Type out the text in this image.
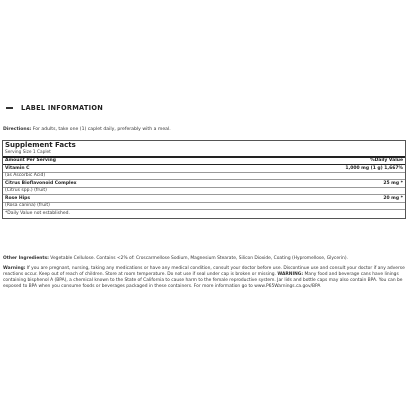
LABEL INFORMATION
Directions: For adults, take one (1) caplet daily, preferably with a meal.
Supplement Facts
Serving Size 1 Caplet
Amount Per Serving	%Daily Value
Vitamin C	1,000 mg (1 g) 1,667%
(as Ascorbic Acid)
Citrus Bioflavonoid Complex	25 mg *
(Citrus spp.) (fruit)
Rose Hips	20 mg *
(Rosa canina) (fruit)
*Daily Value not established.
Other Ingredients: Vegetable Cellulose. Contains <2% of: Croscarmellose Sodium, Magnesium Stearate, Silicon Dioxide, Coating (Hypromellose, Glycerin).
Warning: If you are pregnant, nursing, taking any medications or have any medical condition, consult your doctor before use. Discontinue use and consult your doctor if any adverse reactions occur. Keep out of reach of children. Store at room temperature. Do not use if seal under cap is broken or missing. WARNING: Many food and beverage cans have linings containing bisphenol A (BPA), a chemical known to the State of California to cause harm to the female reproductive system. Jar lids and bottle caps may also contain BPA. You can be exposed to BPA when you consume foods or beverages packaged in these containers. For more information go to www.P65Warnings.ca.gov/BPA
